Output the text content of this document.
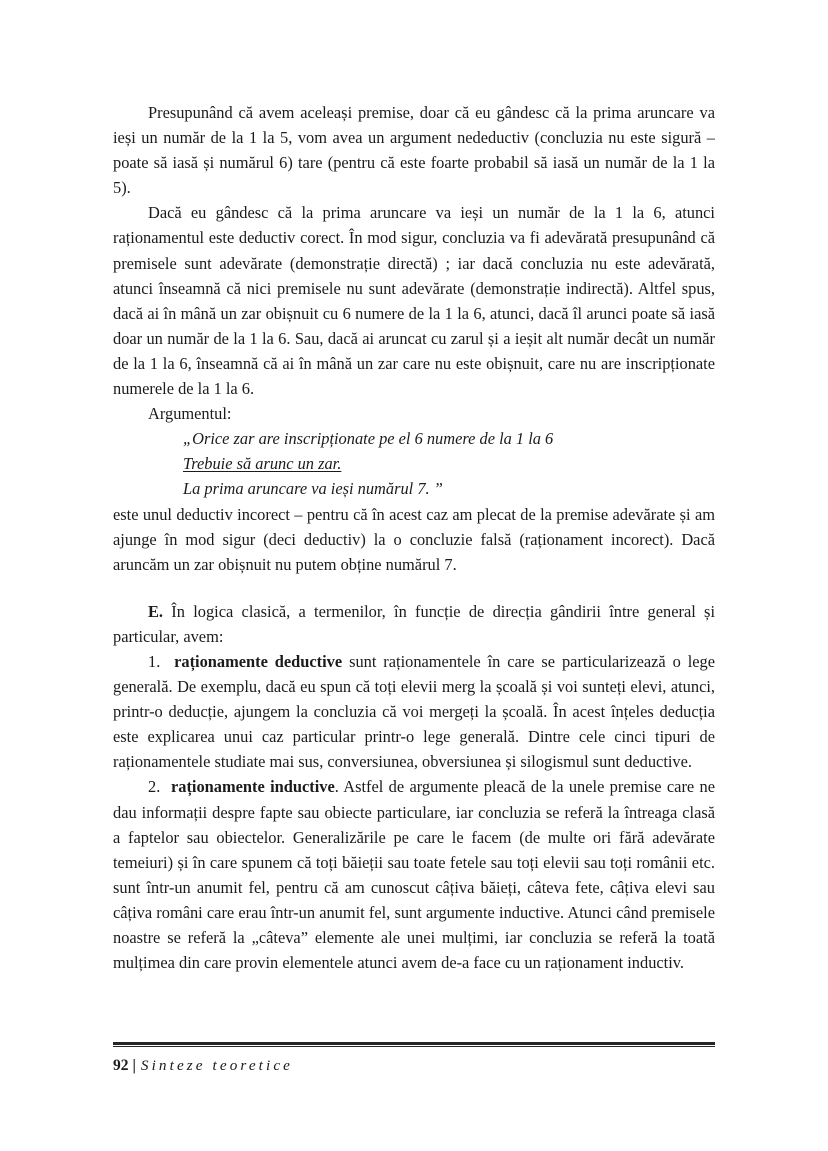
Presupunând că avem aceleași premise, doar că eu gândesc că la prima aruncare va ieși un număr de la 1 la 5, vom avea un argument nedeductiv (concluzia nu este sigură – poate să iasă și numărul 6) tare (pentru că este foarte probabil să iasă un număr de la 1 la 5).

Dacă eu gândesc că la prima aruncare va ieși un număr de la 1 la 6, atunci raționamentul este deductiv corect. În mod sigur, concluzia va fi adevărată presupunând că premisele sunt adevărate (demonstrație directă) ; iar dacă concluzia nu este adevărată, atunci înseamnă că nici premisele nu sunt adevărate (demonstrație indirectă). Altfel spus, dacă ai în mână un zar obișnuit cu 6 numere de la 1 la 6, atunci, dacă îl arunci poate să iasă doar un număr de la 1 la 6. Sau, dacă ai aruncat cu zarul și a ieșit alt număr decât un număr de la 1 la 6, înseamnă că ai în mână un zar care nu este obișnuit, care nu are inscripționate numerele de la 1 la 6.

Argumentul:

„Orice zar are inscripționate pe el 6 numere de la 1 la 6
Trebuie să arunc un zar.
La prima aruncare va ieși numărul 7. ”

este unul deductiv incorect – pentru că în acest caz am plecat de la premise adevărate și am ajunge în mod sigur (deci deductiv) la o concluzie falsă (raționament incorect). Dacă aruncăm un zar obișnuit nu putem obține numărul 7.

E. În logica clasică, a termenilor, în funcție de direcția gândirii între general și particular, avem:

1. raționamente deductive sunt raționamentele în care se particularizează o lege generală. De exemplu, dacă eu spun că toți elevii merg la școală și voi sunteți elevi, atunci, printr-o deducție, ajungem la concluzia că voi mergeți la școală. În acest înțeles deducția este explicarea unui caz particular printr-o lege generală. Dintre cele cinci tipuri de raționamentele studiate mai sus, conversiunea, obversiunea și silogismul sunt deductive.

2. raționamente inductive. Astfel de argumente pleacă de la unele premise care ne dau informații despre fapte sau obiecte particulare, iar concluzia se referă la întreaga clasă a faptelor sau obiectelor. Generalizările pe care le facem (de multe ori fără adevărate temeiuri) și în care spunem că toți băieții sau toate fetele sau toți elevii sau toți românii etc. sunt într-un anumit fel, pentru că am cunoscut câțiva băieți, câteva fete, câțiva elevi sau câțiva români care erau într-un anumit fel, sunt argumente inductive. Atunci când premisele noastre se referă la „câteva” elemente ale unei mulțimi, iar concluzia se referă la toată mulțimea din care provin elementele atunci avem de-a face cu un raționament inductiv.

92 | Sinteze teoretice
